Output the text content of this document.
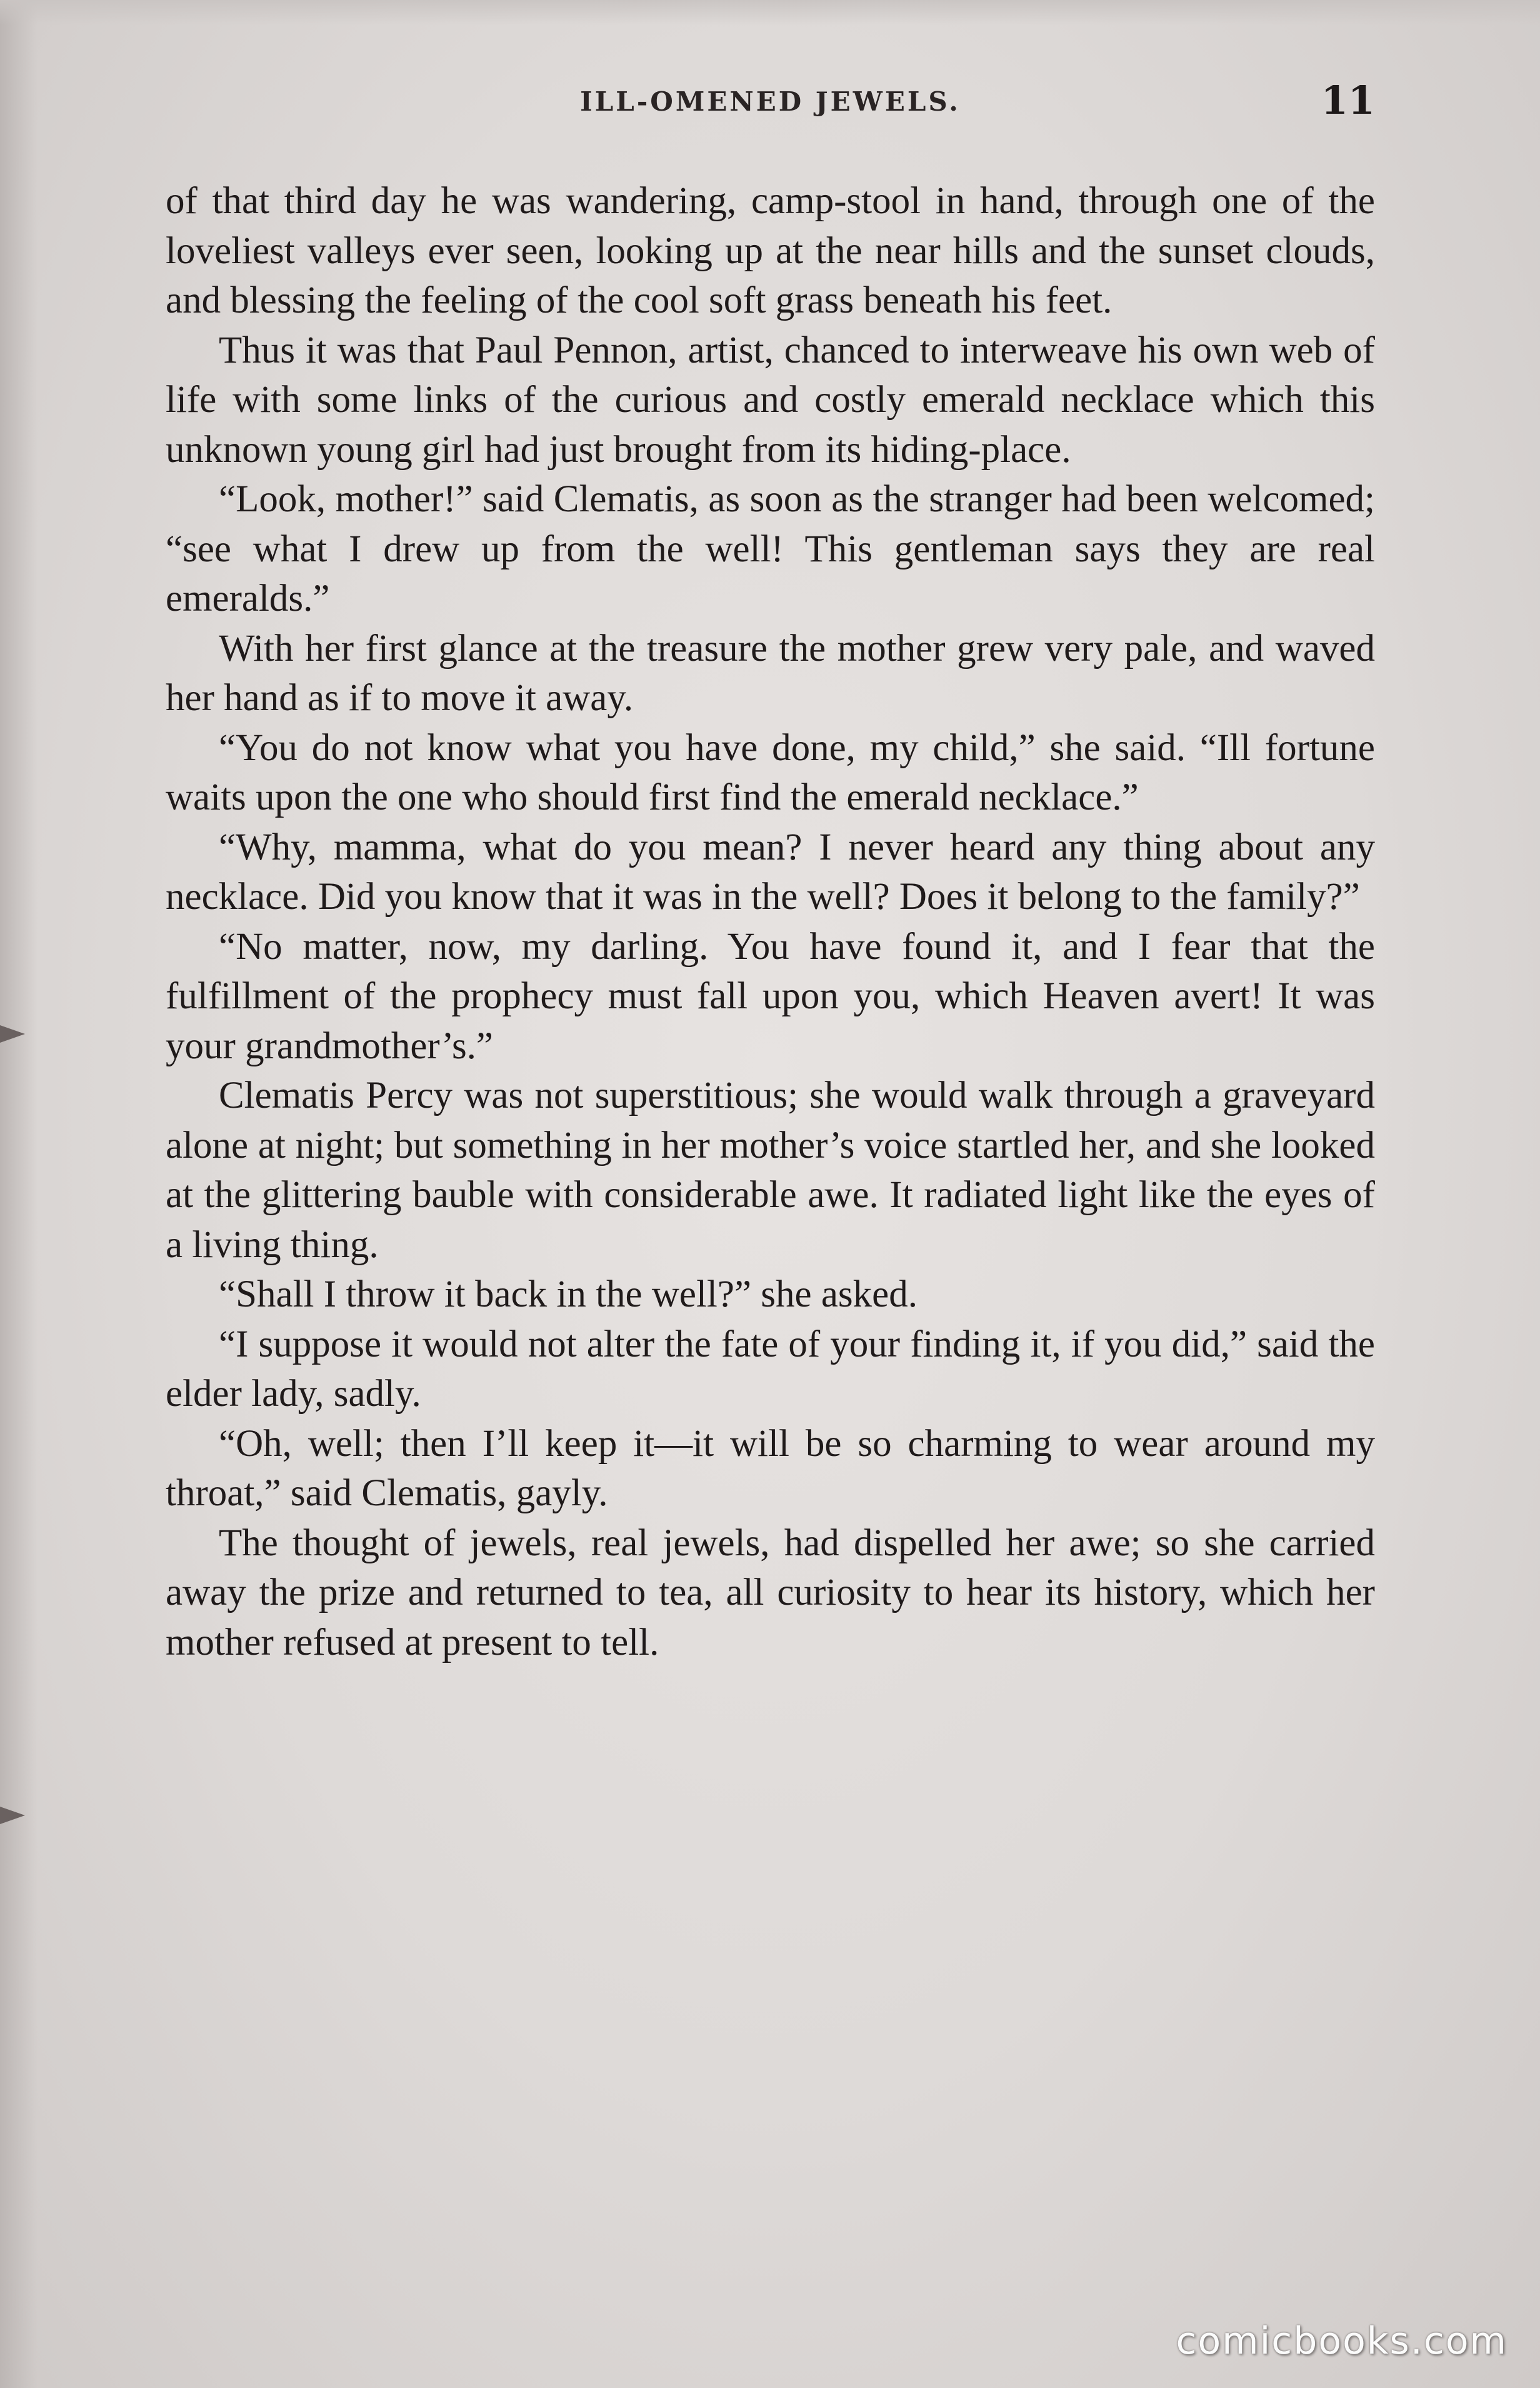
ILL-OMENED JEWELS.	11

of that third day he was wandering, camp-stool in hand, through one of the loveliest valleys ever seen, looking up at the near hills and the sunset clouds, and blessing the feeling of the cool soft grass beneath his feet.

Thus it was that Paul Pennon, artist, chanced to interweave his own web of life with some links of the curious and costly emerald necklace which this unknown young girl had just brought from its hiding-place.

“Look, mother!” said Clematis, as soon as the stranger had been welcomed; “see what I drew up from the well! This gentleman says they are real emeralds.”

With her first glance at the treasure the mother grew very pale, and waved her hand as if to move it away.

“You do not know what you have done, my child,” she said. “Ill fortune waits upon the one who should first find the emerald necklace.”

“Why, mamma, what do you mean? I never heard any thing about any necklace. Did you know that it was in the well? Does it belong to the family?”

“No matter, now, my darling. You have found it, and I fear that the fulfillment of the prophecy must fall upon you, which Heaven avert! It was your grandmother’s.”

Clematis Percy was not superstitious; she would walk through a graveyard alone at night; but something in her mother’s voice startled her, and she looked at the glittering bauble with considerable awe. It radiated light like the eyes of a living thing.

“Shall I throw it back in the well?” she asked.

“I suppose it would not alter the fate of your finding it, if you did,” said the elder lady, sadly.

“Oh, well; then I’ll keep it—it will be so charming to wear around my throat,” said Clematis, gayly.

The thought of jewels, real jewels, had dispelled her awe; so she carried away the prize and returned to tea, all curiosity to hear its history, which her mother refused at present to tell.

comicbooks.com
